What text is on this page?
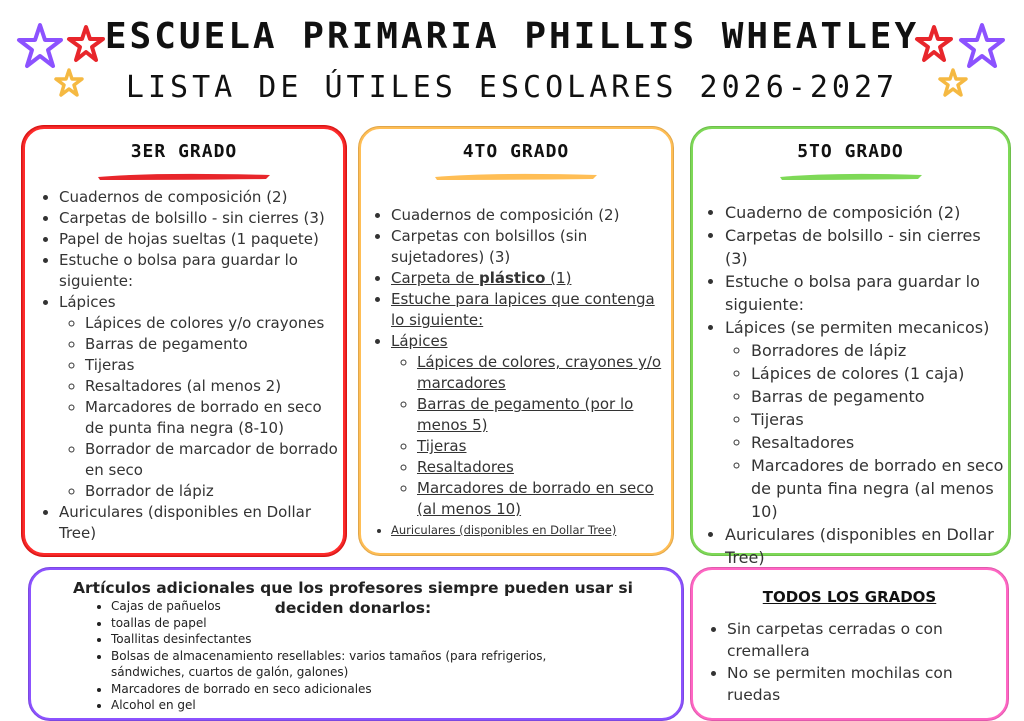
ESCUELA PRIMARIA PHILLIS WHEATLEY
LISTA DE ÚTILES ESCOLARES 2026-2027
3ER GRADO
• Cuadernos de composición (2)
• Carpetas de bolsillo - sin cierres (3)
• Papel de hojas sueltas (1 paquete)
• Estuche o bolsa para guardar lo siguiente:
• Lápices
◦ Lápices de colores y/o crayones
◦ Barras de pegamento
◦ Tijeras
◦ Resaltadores (al menos 2)
◦ Marcadores de borrado en seco de punta fina negra (8-10)
◦ Borrador de marcador de borrado en seco
◦ Borrador de lápiz
• Auriculares (disponibles en Dollar Tree)
4TO GRADO
• Cuadernos de composición (2)
• Carpetas con bolsillos (sin sujetadores) (3)
• Carpeta de plástico (1)
• Estuche para lapices que contenga lo siguiente:
• Lápices
◦ Lápices de colores, crayones y/o marcadores
◦ Barras de pegamento (por lo menos 5)
◦ Tijeras
◦ Resaltadores
◦ Marcadores de borrado en seco (al menos 10)
• Auriculares (disponibles en Dollar Tree)
5TO GRADO
• Cuaderno de composición (2)
• Carpetas de bolsillo - sin cierres (3)
• Estuche o bolsa para guardar lo siguiente:
• Lápices (se permiten mecanicos)
◦ Borradores de lápiz
◦ Lápices de colores (1 caja)
◦ Barras de pegamento
◦ Tijeras
◦ Resaltadores
◦ Marcadores de borrado en seco de punta fina negra (al menos 10)
• Auriculares (disponibles en Dollar Tree)
Artículos adicionales que los profesores siempre pueden usar si deciden donarlos:
• Cajas de pañuelos
• toallas de papel
• Toallitas desinfectantes
• Bolsas de almacenamiento resellables: varios tamaños (para refrigerios, sándwiches, cuartos de galón, galones)
• Marcadores de borrado en seco adicionales
• Alcohol en gel
TODOS LOS GRADOS
• Sin carpetas cerradas o con cremallera
• No se permiten mochilas con ruedas
